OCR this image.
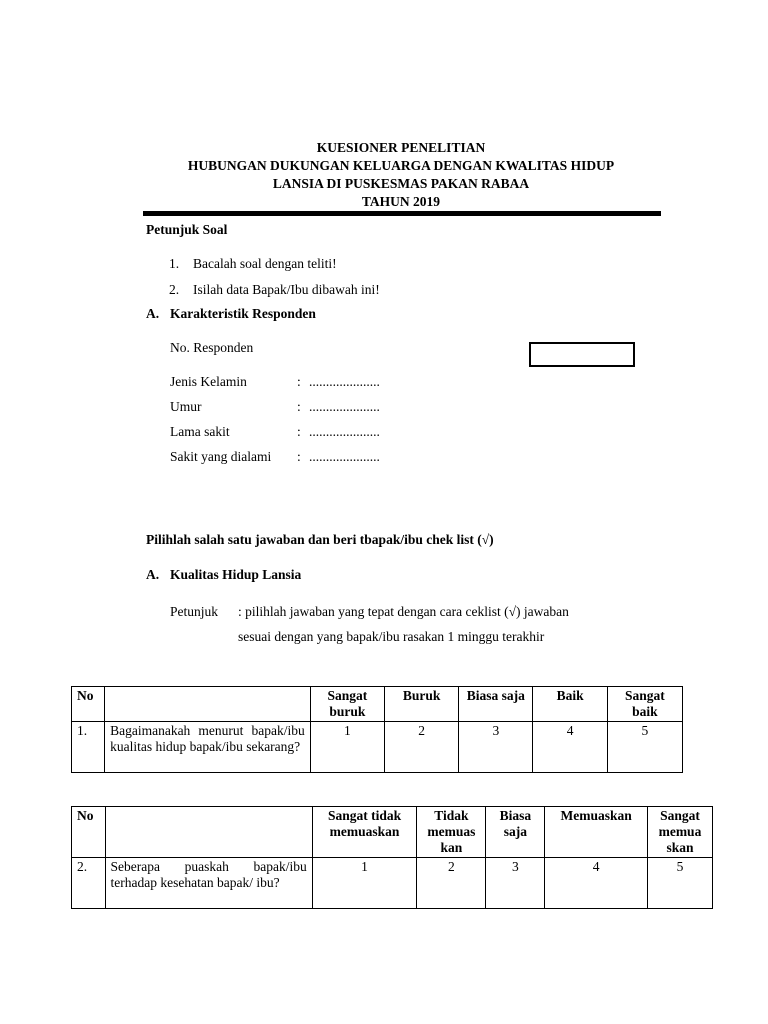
KUESIONER PENELITIAN
HUBUNGAN DUKUNGAN KELUARGA DENGAN KWALITAS HIDUP
LANSIA DI PUSKESMAS PAKAN RABAA
TAHUN 2019
Petunjuk Soal
1. Bacalah soal dengan teliti!
2. Isilah data Bapak/Ibu dibawah ini!
A. Karakteristik Responden
No. Responden
Jenis Kelamin	: .....................
Umur	: .....................
Lama sakit	: .....................
Sakit yang dialami : .....................
Pilihlah salah satu jawaban dan beri tbapak/ibu chek list (√)
A. Kualitas Hidup Lansia
Petunjuk : pilihlah jawaban yang tepat dengan cara ceklist (√) jawaban
sesuai dengan yang bapak/ibu rasakan 1 minggu terakhir
No		Sangat buruk	Buruk	Biasa saja	Baik	Sangat baik
1.	Bagaimanakah menurut bapak/ibu kualitas hidup bapak/ibu sekarang?	1	2	3	4	5
No		Sangat tidak memuaskan	Tidak memuas kan	Biasa saja	Memuaskan	Sangat memua skan
2.	Seberapa puaskah bapak/ibu terhadap kesehatan bapak/ ibu?	1	2	3	4	5
